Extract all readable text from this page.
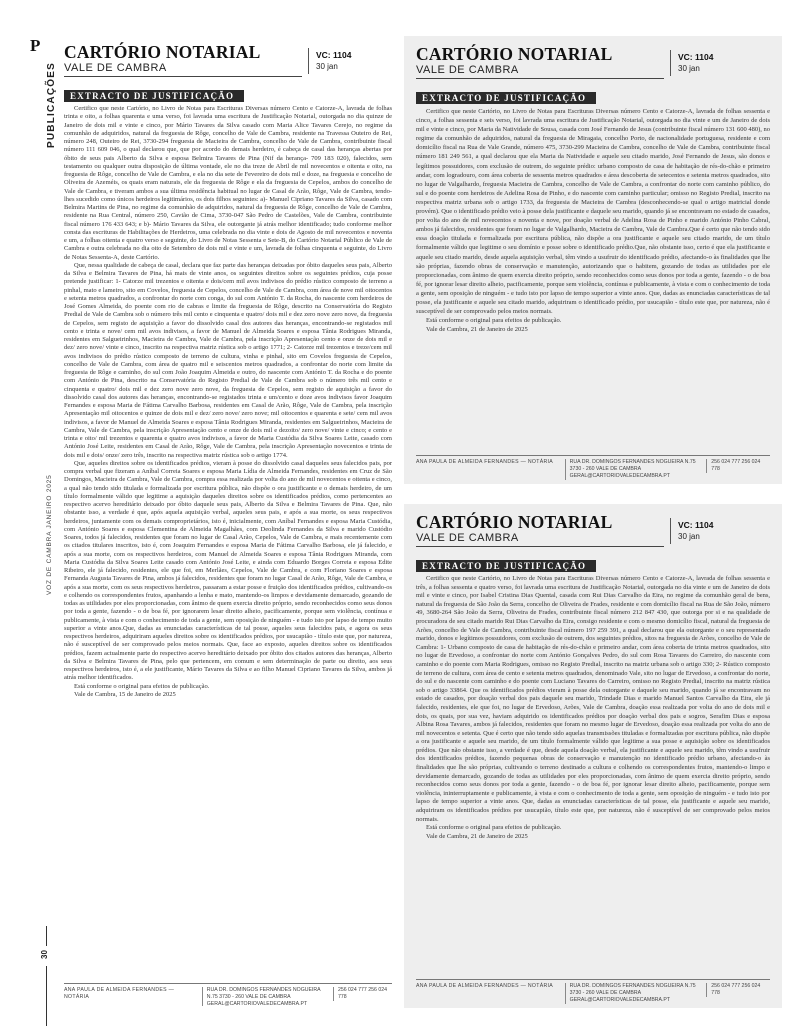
P
PUBLICAÇÕES
VOZ DE CAMBRA JANEIRO 2025
30
CARTÓRIO NOTARIAL
VALE DE CAMBRA
VC: 1104
30 jan
EXTRACTO DE JUSTIFICAÇÃO

Certifico que neste Cartório, no Livro de Notas para Escrituras Diversas número Cento e Catorze-A, lavrada de folhas trinta e oito, a folhas quarenta e uma verso, foi lavrada uma escritura de Justificação Notarial, outorgada no dia quinze de Janeiro de dois mil e vinte e cinco, por Mário Tavares da Silva casado com Maria Alice Tavares Cerejo, no regime da comunhão de adquiridos, natural da freguesia de Rôge, concelho de Vale de Cambra, residente na Travessa Outeiro de Rei, número 248, Outeiro de Rei, 3730-294 freguesia de Macieira de Cambra, concelho de Vale de Cambra, contribuinte fiscal número 111 609 046, o qual declarou que, que por acordo do demais herdeiro, é cabeça de casal das heranças abertas por óbito de seus pais Alberto da Silva e esposa Belmira Tavares de Pina (Nif da herança- 709 183 020), falecidos, sem testamento ou qualquer outra disposição de última vontade, ele no dia treze de Abril de mil novecentos e oitenta e oito, na freguesia de Rôge, concelho de Vale de Cambra, e ela no dia sete de Fevereiro de dois mil e doze, na freguesia e concelho de Oliveira de Azeméis, os quais eram naturais, ele da freguesia de Rôge e ela da freguesia de Cepelos, ambos do concelho de Vale de Cambra, e tiveram ambos a sua última residência habitual no lugar de Casal de Arão, Rôge, Vale de Cambra, tendo-lhes sucedido como únicos herdeiros legitimários, os dois filhos seguintes: a)- Manuel Cipriano Tavares da Silva, casado com Belmira Martins de Pina, no regime da comunhão de adquiridos, natural da freguesia de Rôge, concelho de Vale de Cambra, residente na Rua Central, número 250, Cavião de Cima, 3730-047 São Pedro de Castelões, Vale de Cambra, contribuinte fiscal número 176 433 643; e b)- Mário Tavares da Silva, ele outorgante já atrás melhor identificado; tudo conforme melhor consta das escrituras de Habilitações de Herdeiros, uma celebrada no dia vinte e dois de Agosto de mil novecentos e noventa e um, a folhas oitenta e quatro verso e seguinte, do Livro de Notas Sessenta e Sete-B, do Cartório Notarial Público de Vale de Cambra e outra celebrada no dia oito de Setembro de dois mil e vinte e um, lavrada de folhas cinquenta e seguinte, do Livro de Notas Sessenta-A, deste Cartório.

Que, nessa qualidade de cabeça de casal, declara que faz parte das heranças deixadas por óbito daqueles seus pais, Alberto da Silva e Belmira Tavares de Pina, há mais de vinte anos, os seguintes direitos sobre os seguintes prédios, cuja posse pretende justificar: 1- Catorze mil trezentos e oitenta e dois/cem mil avos indivisos do prédio rústico composto de terreno a pinhal, mato e lameiro, sito em Covelos, freguesia de Cepelos, concelho de Vale de Cambra, com área de nove mil oitocentos e setenta metros quadrados, a confrontar do norte com conga, do sul com António T. da Rocha, do nascente com herdeiros de José Gomes Almeida, do poente com rio de cabras e limite da freguesia de Rôge, descrito na Conservatória do Registo Predial de Vale de Cambra sob o número três mil cento e cinquenta e quatro/ dois mil e dez zero nove zero nove, da freguesia de Cepelos, sem registo de aquisição a favor do dissolvido casal dos autores das heranças, encontrando-se registados mil cento e trinta e nove/ cem mil avos indivisos, a favor de Manuel de Almeida Soares e esposa Tânia Rodrigues Miranda, residentes em Salgueirinhos, Macieira de Cambra, Vale de Cambra, pela inscrição Apresentação cento e onze de dois mil e dez/ zero nove/ vinte e cinco, inscrito na respectiva matriz rústica sob o artigo 1771; 2- Catorze mil trezentos e treze/cem mil avos indivisos do prédio rústico composto de terreno de cultura, vinha e pinhal, sito em Covelos freguesia de Cepelos, concelho de Vale de Cambra, com área de quatro mil e seiscentos metros quadrados, a confrontar do norte com limite da freguesia de Rôge e caminho, do sul com João Joaquim Almeida e outro, do nascente com António T. da Rocha e do poente com António de Pina, descrito na Conservatória do Registo Predial de Vale de Cambra sob o número três mil cento e cinquenta e quatro/ dois mil e dez zero nove zero nove, da freguesia de Cepelos, sem registo de aquisição a favor do dissolvido casal dos autores das heranças, encontrando-se registados trinta e um/cento e doze avos indivisos favor Joaquim Fernandes e esposa Maria de Fátima Carvalho Barbosa, residentes em Casal de Arão, Rôge, Vale de Cambra, pela inscrição Apresentação mil oitocentos e quinze de dois mil e dez/ zero nove/ zero nove; mil oitocentos e quarenta e sete/ cem mil avos indivisos, a favor de Manuel de Almeida Soares e esposa Tânia Rodrigues Miranda, residentes em Salgueirinhos, Macieira de Cambra, Vale de Cambra, pela inscrição Apresentação cento e onze de dois mil e dezoito/ zero nove/ vinte e cinco; e cento e trinta e oito/ mil trezentos e quarenta e quatro avos indivisos, a favor de Maria Custódia da Silva Soares Leite, casado com António José Leite, residentes em Casal de Arão, Rôge, Vale de Cambra, pela inscrição Apresentação novecentos e trinta de dois mil e dois/ onze/ zero três, inscrito na respectiva matriz rústica sob o artigo 1774.

Que, aqueles direitos sobre os identificados prédios, vieram à posse do dissolvido casal daqueles seus falecidos pais, por compra verbal que fizeram a Aníbal Correia Soares e esposa Maria Lídia de Almeida Fernandes, residentes em Cruz de São Domingos, Macieira de Cambra, Vale de Cambra, compra essa realizada por volta do ano de mil novecentos e oitenta e cinco, a qual não tendo sido titulada e formalizada por escritura pública, não dispõe o ora justificante e o demais herdeiro, de um título formalmente válido que legitime a aquisição daqueles direitos sobre os identificados prédios, como pertencentes ao respectivo acervo hereditário deixado por óbito daquele seus pais, Alberto da Silva e Belmira Tavares de Pina. Que, não obstante isso, a verdade é que, após aquela aquisição verbal, aqueles seus pais, e após a sua morte, os seus respectivos herdeiros, juntamente com os demais comproprietários, isto é, inicialmente, com Aníbal Fernandes e esposa Maria Custódia, com António Soares e esposa Clementina de Almeida Magalhães, com Deolinda Fernandes da Silva e marido Custódio Soares, todos já falecidos, residentes que foram no lugar de Casal Arão, Cepelos, Vale de Cambra, e mais recentemente com os citados titulares inscritos, isto é, com Joaquim Fernandes e esposa Maria de Fátima Carvalho Barbosa, ele já falecido, e após a sua morte, com os respectivos herdeiros, com Manuel de Almeida Soares e esposa Tânia Rodrigues Miranda, com Maria Custódia da Silva Soares Leite casado com António José Leite, e ainda com Eduardo Borges Correia e esposa Edite Ribeiro, ele já falecido, residentes, ele que foi, em Merlães, Cepelos, Vale de Cambra, e com Floriano Soares e esposa Fernanda Augusta Tavares de Pina, ambos já falecidos, residentes que foram no lugar Casal de Arão, Rôge, Vale de Cambra, e após a sua morte, com os seus respectivos herdeiros, passaram a estar posse e fruição dos identificados prédios, cultivando-os e colhendo os correspondentes frutos, apanhando a lenha e mato, mantendo-os limpos e devidamente demarcado, gozando de todas as utilidades por eles proporcionadas, com ânimo de quem exercia direito próprio, sendo reconhecidos como seus donos por toda a gente, fazendo - o de boa fé, por ignorarem lesar direito alheio, pacificamente, porque sem violência, contínua e publicamente, à vista e com o conhecimento de toda a gente, sem oposição de ninguém - e tudo isto por lapso de tempo muito superior a vinte anos.Que, dadas as enunciadas características de tal posse, aqueles seus falecidos pais, e agora os seus respectivos herdeiros, adquiriram aqueles direitos sobre os identificados prédios, por usucapião - título este que, por natureza, não é susceptível de ser comprovado pelos meios normais. Que, face ao exposto, aqueles direitos sobre os identificados prédios, fazem actualmente parte do respectivo acervo hereditário deixado por óbito dos citados autores das heranças, Alberto da Silva e Belmira Tavares de Pina, pelo que pertencem, em comum e sem determinação de parte ou direito, aos seus respectivos herdeiros, isto é, a ele justificante, Mário Tavares da Silva e ao filho Manuel Cipriano Tavares da Silva, ambos já atrás melhor identificados.

Está conforme o original para efeitos de publicação.

Vale de Cambra, 15 de Janeiro de 2025

ANA PAULA DE ALMEIDA FERNANDES — NOTÁRIA
RUA DR. DOMINGOS FERNANDES NOGUEIRA N.75 3730 - 260 VALE DE CAMBRA GERAL@CARTORIOVALEDECAMBRA.PT
256 024 777 256 024 778
CARTÓRIO NOTARIAL
VALE DE CAMBRA
VC: 1104
30 jan
EXTRACTO DE JUSTIFICAÇÃO

Certifico que neste Cartório, no Livro de Notas para Escrituras Diversas número Cento e Catorze-A, lavrada de folhas sessenta e cinco, a folhas sessenta e seis verso, foi lavrada uma escritura de Justificação Notarial, outorgada no dia vinte e um de Janeiro de dois mil e vinte e cinco, por Maria da Natividade de Sousa, casada com José Fernando de Jesus (contribuinte fiscal número 131 600 480), no regime da comunhão de adquiridos, natural da freguesia de Miragaia, concelho Porto, de nacionalidade portuguesa, residente e com domicílio fiscal na Rua de Vale Grande, número 475, 3730-299 Macieira de Cambra, concelho de Vale de Cambra, contribuinte fiscal número 181 249 561, a qual declarou que ela Maria da Natividade e aquele seu citado marido, José Fernando de Jesus, são donos e legítimos possuidores, com exclusão de outrem, do seguinte prédio: urbano composto de casa de habitação de rés-do-chão e primeiro andar, com logradouro, com área coberta de sessenta metros quadrados e área descoberta de setecentos e setenta metros quadrados, sito no lugar de Valgalhardo, freguesia Macieira de Cambra, concelho de Vale de Cambra, a confrontar do norte com caminho público, do sul e do poente com herdeiros de Adelina Rosa de Pinho, e do nascente com caminho particular; omisso no Registo Predial, inscrito na respectiva matriz urbana sob o artigo 1733, da freguesia de Macieira de Cambra (desconhecendo-se qual o artigo matricial donde provém). Que o identificado prédio veio à posse dela justificante e daquele seu marido, quando já se encontravam no estado de casados, por volta do ano de mil novecentos e noventa e nove, por doação verbal de Adelina Rosa de Pinho e marido António Pinho Cabral, ambos já falecidos, residentes que foram no lugar de Valgalhardo, Macieira de Cambra, Vale de Cambra.Que é certo que não tendo sido essa doação titulada e formalizada por escritura pública, não dispõe a ora justificante e aquele seu citado marido, de um título formalmente válido que legitime o seu domínio e posse sobre o identificado prédio.Que, não obstante isso, certo é que ela justificante e aquele seu citado marido, desde aquela aquisição verbal, têm vindo a usufruir do identificado prédio, afectando-o às finalidades que lhe são próprias, fazendo obras de conservação e manutenção, autorizando que o habitem, gozando de todas as utilidades por ele proporcionadas, com ânimo de quem exercia direito próprio, sendo reconhecidos como seus donos por toda a gente, fazendo - o de boa fé, por ignorar lesar direito alheio, pacificamente, porque sem violência, contínua e publicamente, à vista e com o conhecimento de toda a gente, sem oposição de ninguém - e tudo isto por lapso de tempo superior a vinte anos. Que, dadas as enunciadas características de tal posse, ela justificante e aquele seu citado marido, adquiriram o identificado prédio, por usucapião - título este que, por natureza, não é susceptível de ser comprovado pelos meios normais.

Está conforme o original para efeitos de publicação.

Vale de Cambra, 21 de Janeiro de 2025

ANA PAULA DE ALMEIDA FERNANDES — NOTÁRIA	RUA DR. DOMINGOS FERNANDES NOGUEIRA N.75 3730 - 260 VALE DE CAMBRA GERAL@CARTORIOVALEDECAMBRA.PT
256 024 777 256 024 778
CARTÓRIO NOTARIAL
VALE DE CAMBRA
VC: 1104
30 jan
EXTRACTO DE JUSTIFICAÇÃO

Certifico que neste Cartório, no Livro de Notas para Escrituras Diversas número Cento e Catorze-A, lavrada de folhas sessenta e três, a folhas sessenta e quatro verso, foi lavrada uma escritura de Justificação Notarial, outorgada no dia vinte e um de Janeiro de dois mil e vinte e cinco, por Isabel Cristina Dias Quental, casada com Rui Dias Carvalho da Eira, no regime da comunhão geral de bens, natural da freguesia de São João da Serra, concelho de Oliveira de Frades, residente e com domicílio fiscal na Rua de São João, número 49, 3680-264 São João da Serra, Oliveira de Frades, contribuinte fiscal número 212 847 430, que outorga por si e na qualidade de procuradora de seu citado marido Rui Dias Carvalho da Eira, consigo residente e com o mesmo domicílio fiscal, natural da freguesia de Arões, concelho de Vale de Cambra, contribuinte fiscal número 197 259 391, a qual declarou que ela outorgante e o seu representado marido, donos e legítimos possuidores, com exclusão de outrem, dos seguintes prédios, sitos na freguesia de Arões, concelho de Vale de Cambra: 1- Urbano composto de casa de habitação de rés-do-chão e primeiro andar, com área coberta de trinta metros quadrados, sito no lugar de Ervedoso, a confrontar do norte com António Gonçalves Pedro, do sul com Rosa Tavares do Carreiro, do nascente com caminho e do poente com Maria Rodrigues, omisso no Registo Predial, inscrito na matriz urbana sob o artigo 330; 2- Rústico composto de terreno de cultura, com área de cento e setenta metros quadrados, denominado Vale, sito no lugar de Ervedoso, a confrontar do norte, do sul e do nascente com caminho e do poente com Luciano Tavares do Carreiro, omisso no Registo Predial, inscrito na matriz rústica sob o artigo 33864. Que os identificados prédios vieram à posse dela outorgante e daquele seu marido, quando já se encontravam no estado de casados, por doação verbal dos pais daquele seu marido, Trindade Dias e marido Manuel Santos Carvalho da Eira, ele já falecido, residentes, ele que foi, no lugar de Ervedoso, Arões, Vale de Cambra, doação essa realizada por volta do ano de dois mil e dois, os quais, por sua vez, haviam adquirido os identificados prédios por doação verbal dos pais e sogros, Serafim Dias e esposa Albina Rosa Tavares, ambos já falecidos, residentes que foram no mesmo lugar de Ervedoso, doação essa realizada por volta do ano de mil novecentos e setenta. Que é certo que não tendo sido aquelas transmissões tituladas e formalizadas por escritura pública, não dispõe a ora justificante e aquele seu marido, de um título formalmente válido que legitime a sua posse e aquisição sobre os identificados prédios. Que não obstante isso, a verdade é que, desde aquela doação verbal, ela justificante e aquele seu marido, têm vindo a usufruir dos identificados prédios, fazendo pequenas obras de conservação e manutenção no identificado prédio urbano, afectando-o às finalidades que lhe são próprias, cultivando o terreno destinado a cultura e colhendo os correspondentes frutos, mantendo-o limpo e devidamente demarcado, gozando de todas as utilidades por eles proporcionadas, com ânimo de quem exercia direito próprio, sendo reconhecidos como seus donos por toda a gente, fazendo - o de boa fé, por ignorar lesar direito alheio, pacificamente, porque sem violência, ininterruptamente e publicamente, à vista e com o conhecimento de toda a gente, sem oposição de ninguém - e tudo isto por lapso de tempo superior a vinte anos. Que, dadas as enunciadas características de tal posse, ela justificante e aquele seu marido, adquiriram os identificados prédios por usucapião, título este que, por natureza, não é susceptível de ser comprovado pelos meios normais.

Está conforme o original para efeitos de publicação.

Vale de Cambra, 21 de Janeiro de 2025

ANA PAULA DE ALMEIDA FERNANDES — NOTÁRIA	RUA DR. DOMINGOS FERNANDES NOGUEIRA N.75 3730 - 260 VALE DE CAMBRA GERAL@CARTORIOVALEDECAMBRA.PT
256 024 777 256 024 778
